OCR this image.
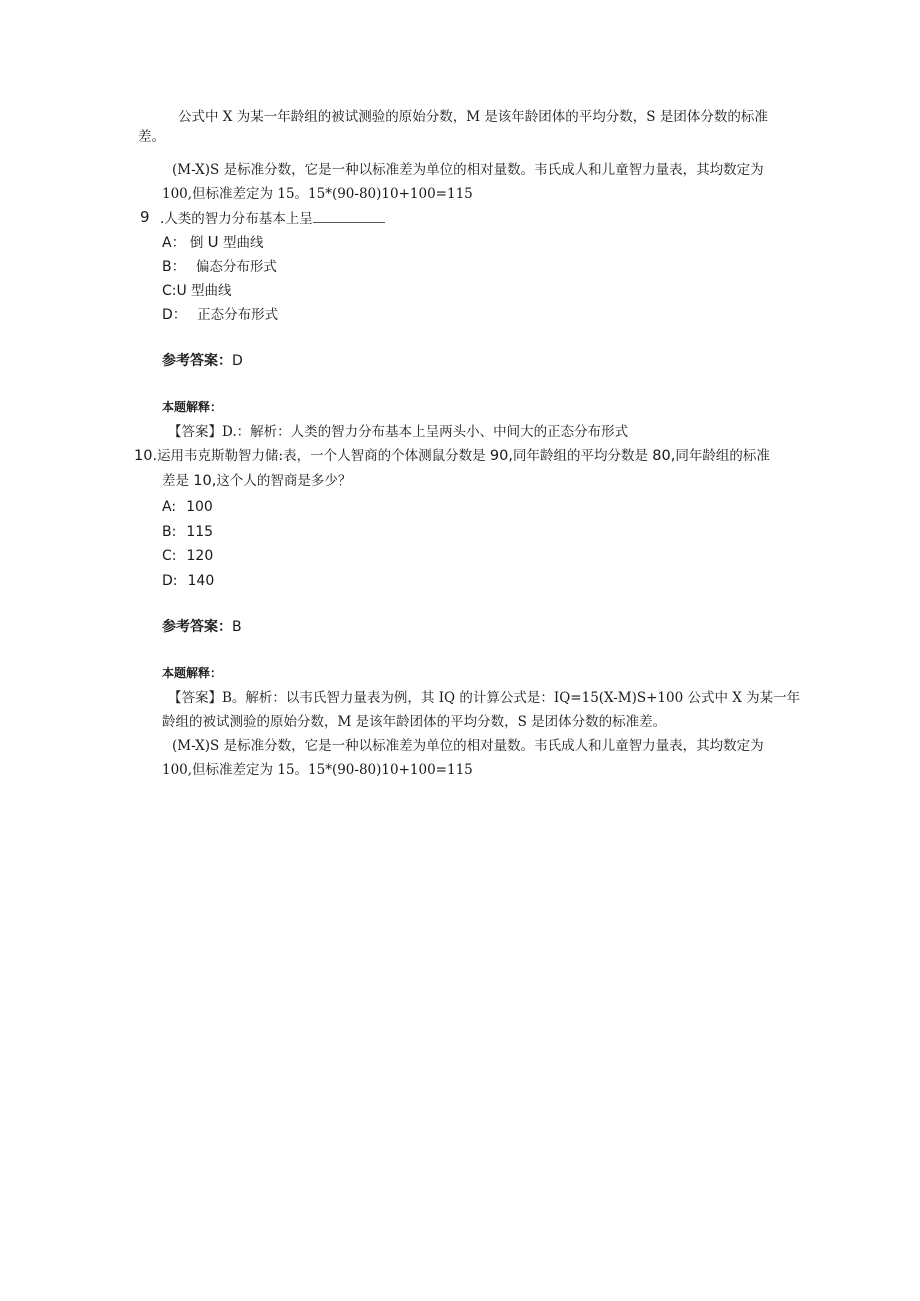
公式中 X 为某一年龄组的被试测验的原始分数，M 是该年龄团体的平均分数，S 是团体分数的标准
差。
(M-X)S 是标准分数，它是一种以标准差为单位的相对量数。韦氏成人和儿童智力量表，其均数定为
100,但标准差定为 15。15*(90-80)10+100=115
9 .人类的智力分布基本上呈
A： 倒 U 型曲线
B： 偏态分布形式
C:U 型曲线
D： 正态分布形式
参考答案：D
本题解释：
【答案】D.：解析：人类的智力分布基本上呈两头小、中间大的正态分布形式
10.运用韦克斯勒智力储:表，一个人智商的个体测鼠分数是 90,同年龄组的平均分数是 80,同年龄组的标准
差是 10,这个人的智商是多少？
A: 100
B: 115
C: 120
D: 140
参考答案：B
本题解释：
【答案】B。解析：以韦氏智力量表为例，其 IQ 的计算公式是：IQ=15(X-M)S+100 公式中 X 为某一年
龄组的被试测验的原始分数，M 是该年龄团体的平均分数，S 是团体分数的标准差。
(M-X)S 是标准分数，它是一种以标准差为单位的相对量数。韦氏成人和儿童智力量表，其均数定为
100,但标准差定为 15。15*(90-80)10+100=115
